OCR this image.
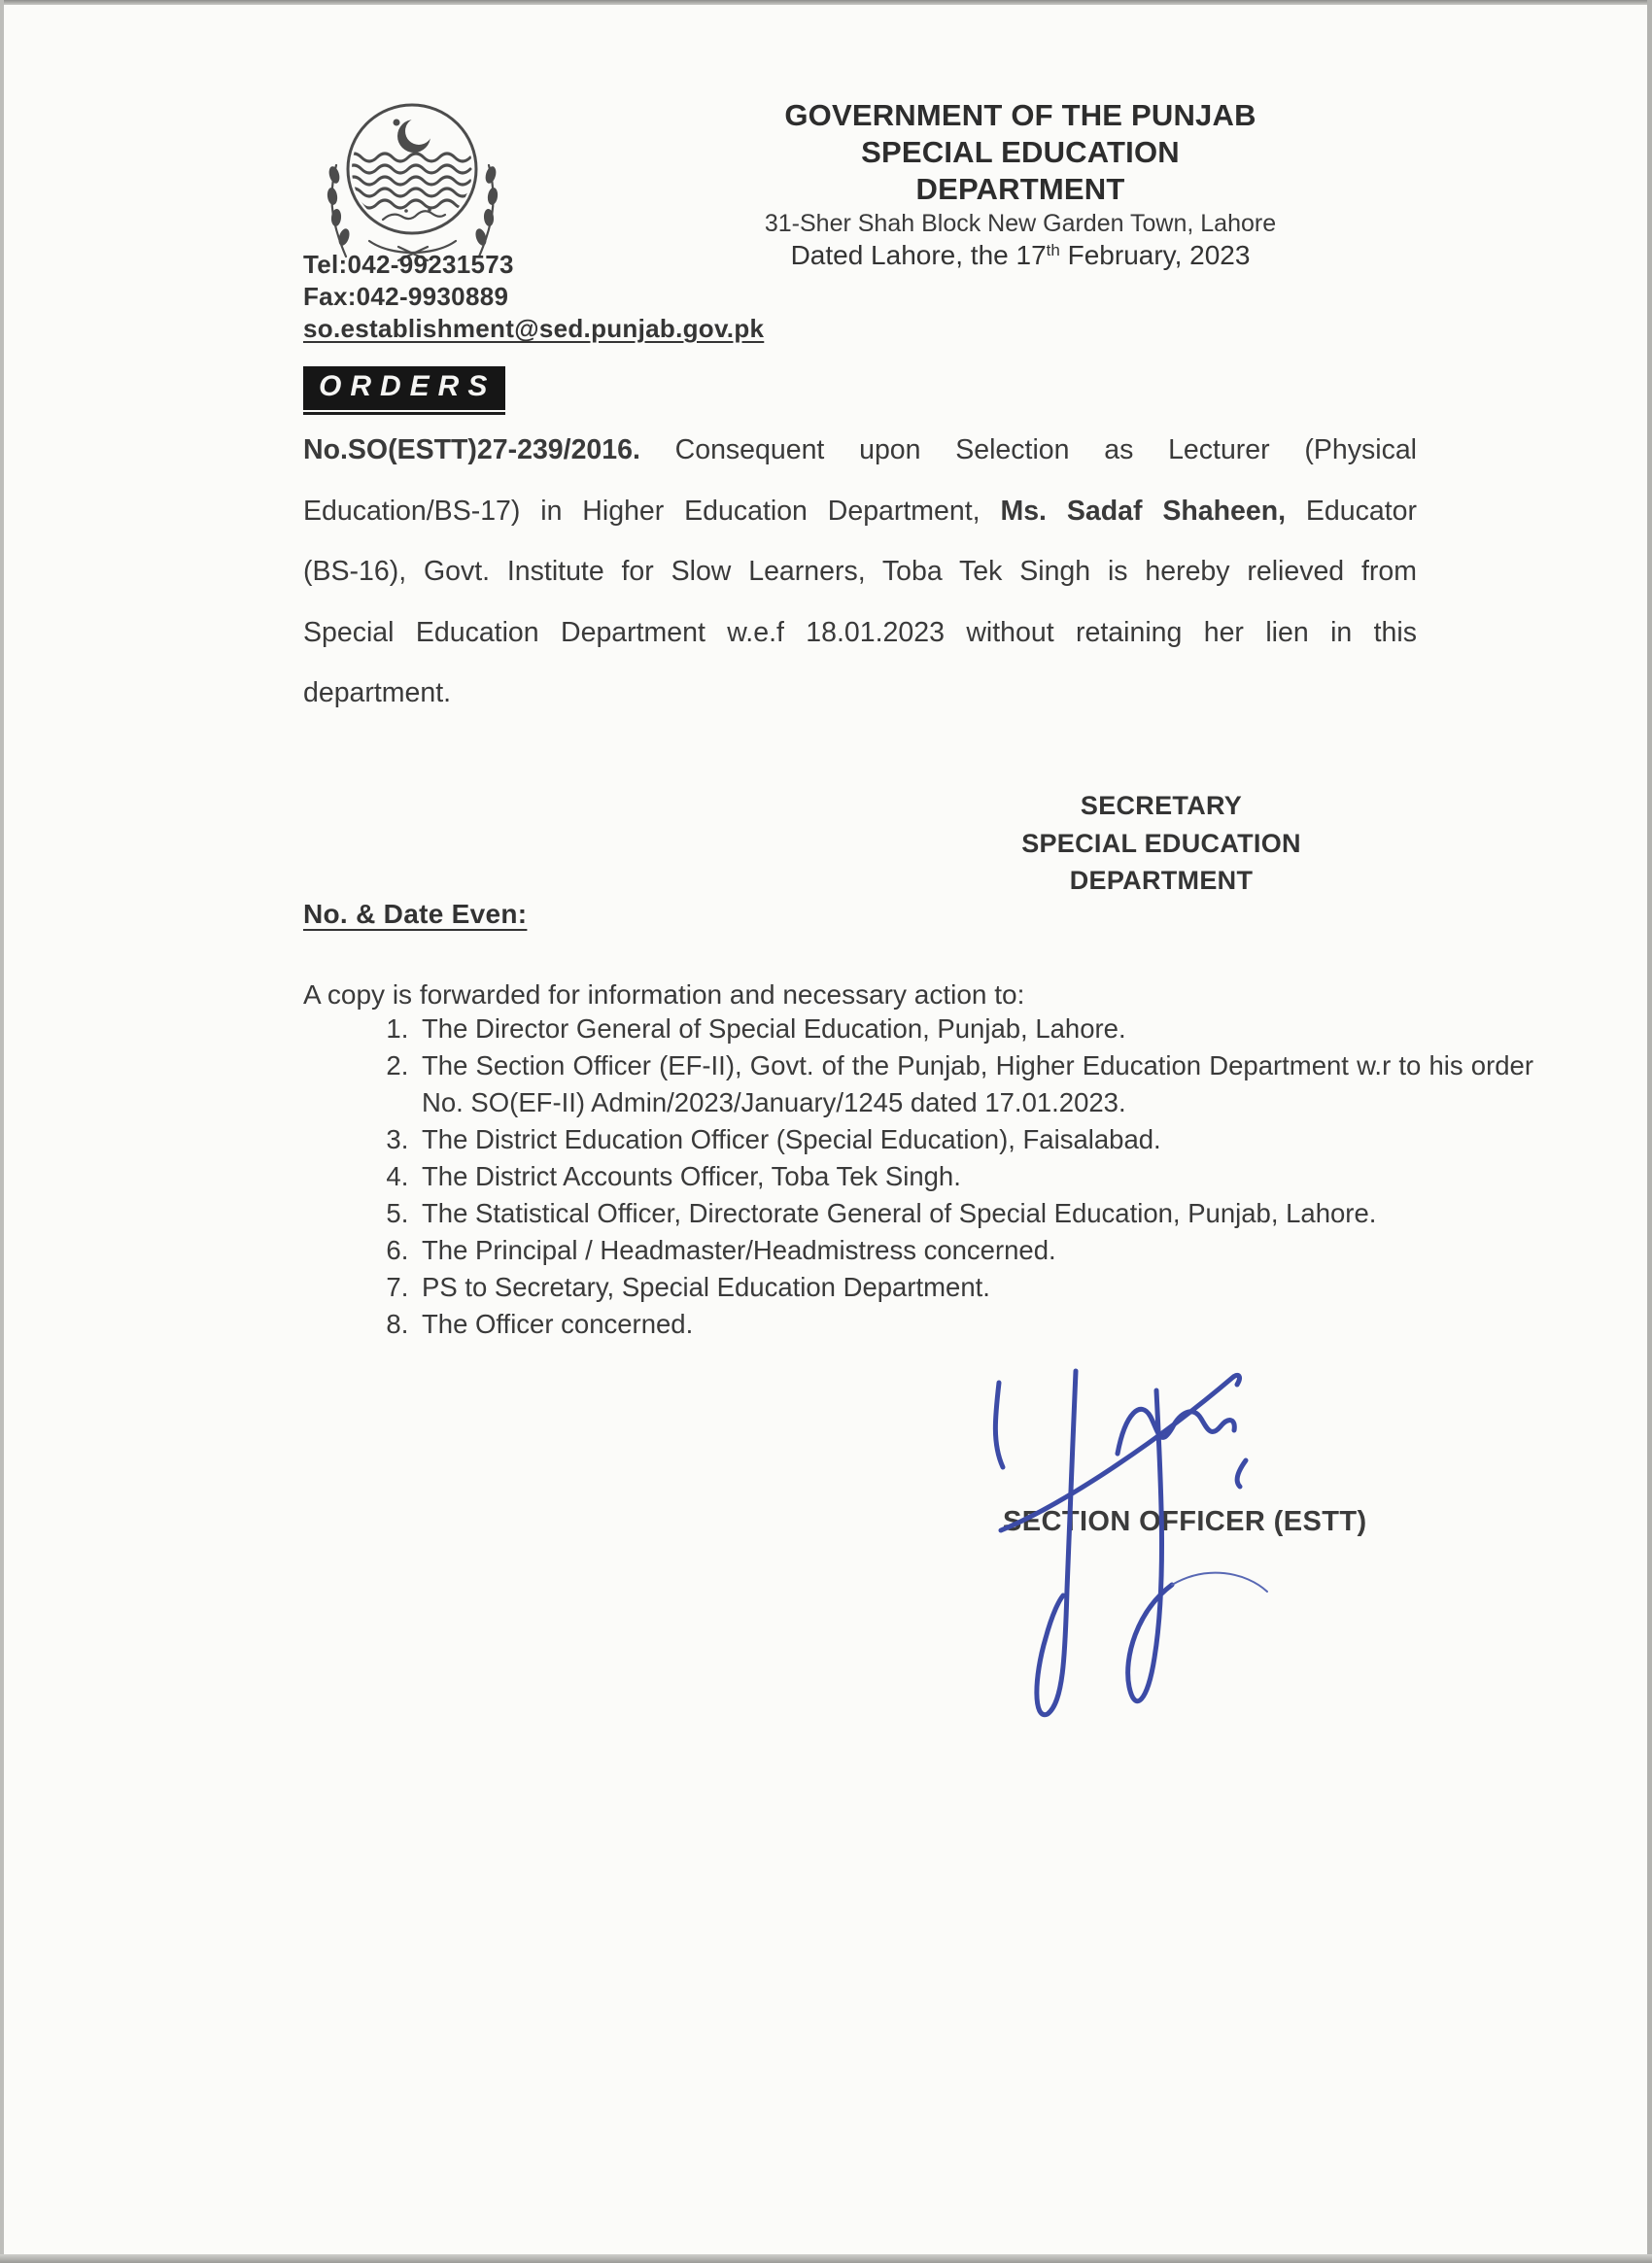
Tel:042-99231573
Fax:042-9930889
so.establishment@sed.punjab.gov.pk
GOVERNMENT OF THE PUNJAB
SPECIAL EDUCATION DEPARTMENT
31-Sher Shah Block New Garden Town, Lahore
Dated Lahore, the 17th February, 2023
ORDERS
No.SO(ESTT)27-239/2016. Consequent upon Selection as Lecturer (Physical Education/BS-17) in Higher Education Department, Ms. Sadaf Shaheen, Educator (BS-16), Govt. Institute for Slow Learners, Toba Tek Singh is hereby relieved from Special Education Department w.e.f 18.01.2023 without retaining her lien in this department.
SECRETARY
SPECIAL EDUCATION
DEPARTMENT
No. & Date Even:
A copy is forwarded for information and necessary action to:
1. The Director General of Special Education, Punjab, Lahore.
2. The Section Officer (EF-II), Govt. of the Punjab, Higher Education Department w.r to his order No. SO(EF-II) Admin/2023/January/1245 dated 17.01.2023.
3. The District Education Officer (Special Education), Faisalabad.
4. The District Accounts Officer, Toba Tek Singh.
5. The Statistical Officer, Directorate General of Special Education, Punjab, Lahore.
6. The Principal / Headmaster/Headmistress concerned.
7. PS to Secretary, Special Education Department.
8. The Officer concerned.
SECTION OFFICER (ESTT)
